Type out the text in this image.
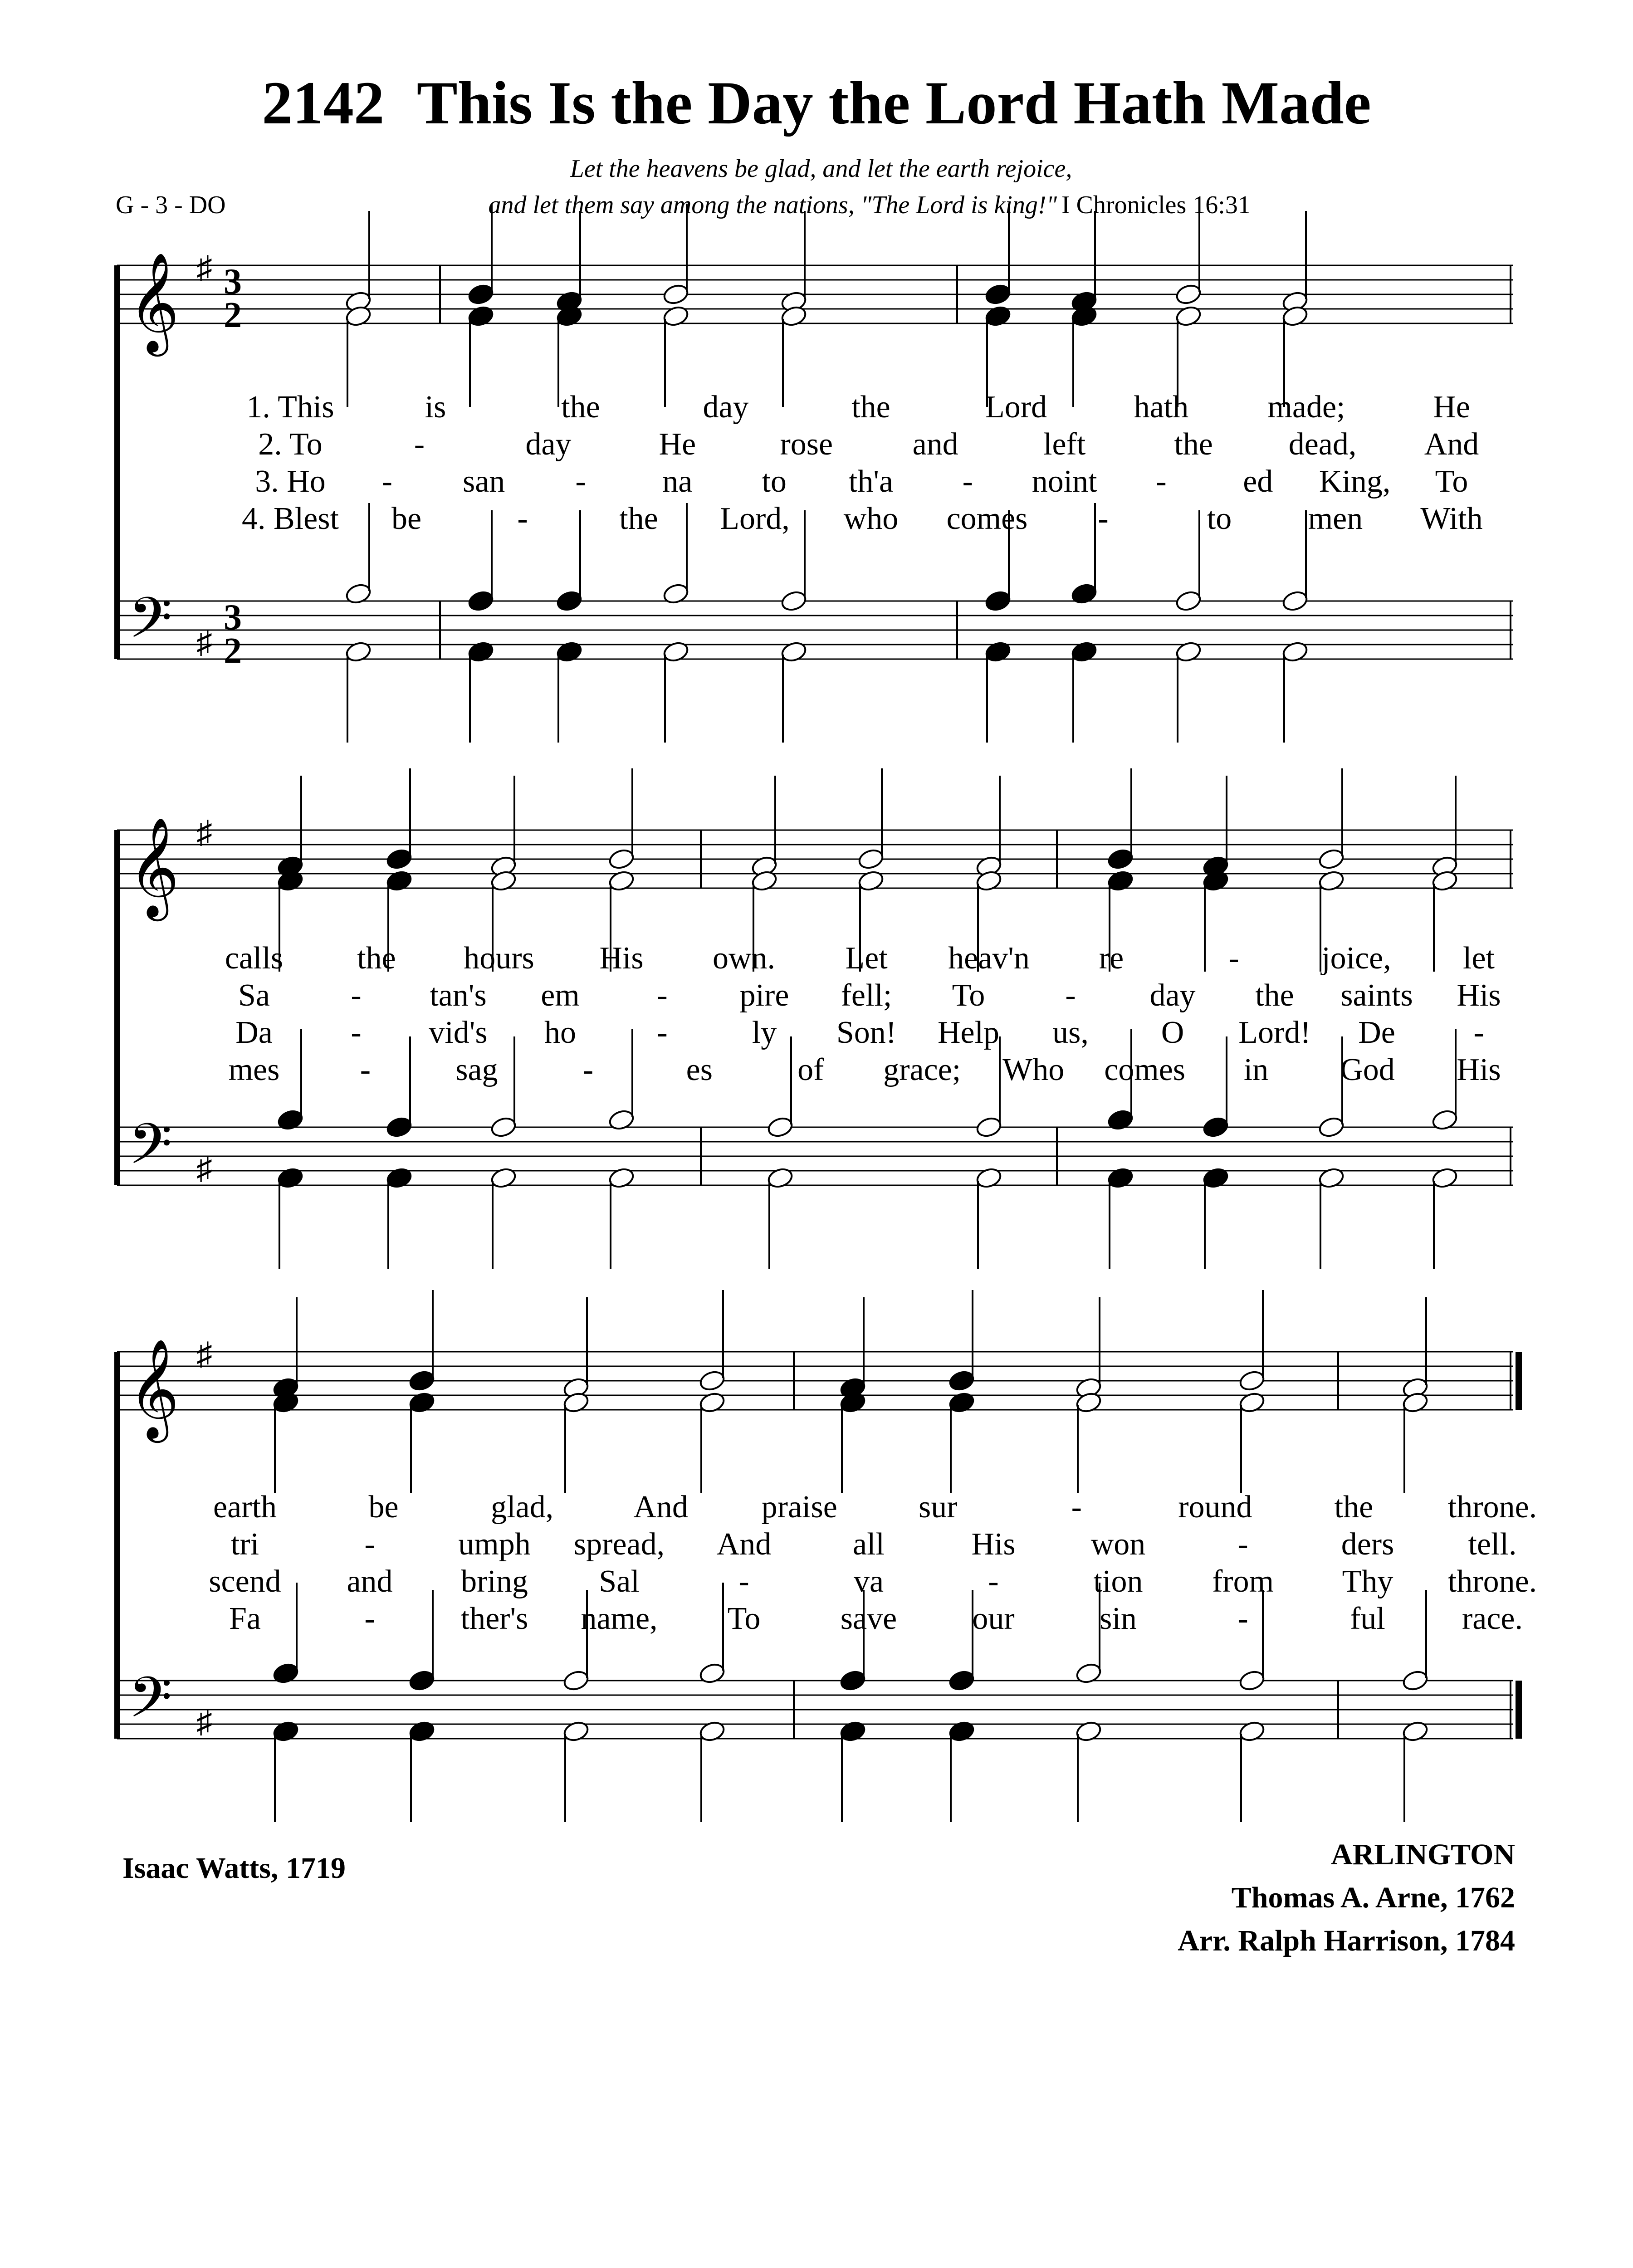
2142 This Is the Day the Lord Hath Made
Let the heavens be glad, and let the earth rejoice,
G - 3 - DO	and let them say among the nations, "The Lord is king!" I Chronicles 16:31
𝄞 ♯ 3
2
𝄢 ♯
3
2
𝄞 ♯
𝄢 ♯
𝄞 ♯
𝄢 ♯
1. This	is	the	day	the	Lord	hath made;	He
2. To	-	day	He	rose	and	left	the dead, And
3. Ho - san - na to th'a - noint - ed King, To
4. Blest be	-	the Lord, who comes -	to men With
calls the hours His own. Let heav'n re	-	joice, let
Sa	- tan's em - pire fell; To	- day the saints His
Da - vid's ho	-	ly Son! Help us, O Lord! De -
mes	-	sag	-	es	of grace; Who comes in God His
earth	be	glad,	And praise	sur	-	round	the throne.
tri	-	umph spread, And	all	His won	-	ders tell.
scend and bring Sal	-	va	-	tion from Thy throne.
Fa	-	ther's name, To	save our	sin	-	ful race.
Isaac Watts, 1719	ARLINGTON
Thomas A. Arne, 1762
Arr. Ralph Harrison, 1784
